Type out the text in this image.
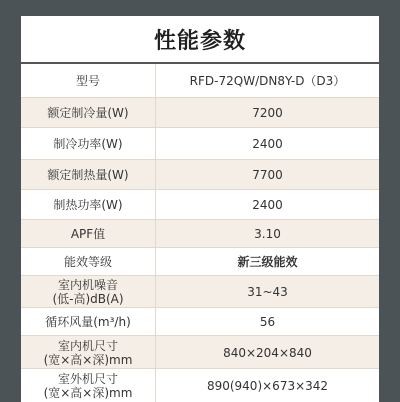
性能参数
型号	RFD-72QW/DN8Y-D（D3）
额定制冷量(W)	7200
制冷功率(W)	2400
额定制热量(W)	7700
制热功率(W)	2400
APF值	3.10
能效等级	新三级能效
室内机噪音
(低-高)dB(A)	31~43
循环风量(m³/h)	56
室内机尺寸
(宽×高×深)mm	840×204×840
室外机尺寸
(宽×高×深)mm	890(940)×673×342
